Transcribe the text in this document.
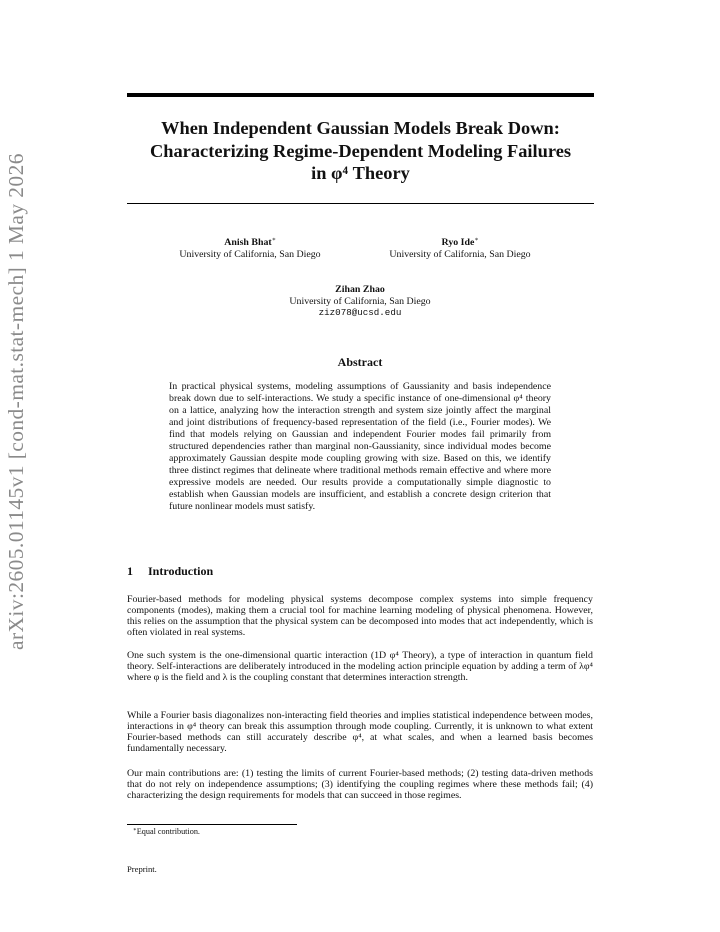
arXiv:2605.01145v1 [cond-mat.stat-mech] 1 May 2026
When Independent Gaussian Models Break Down:
Characterizing Regime-Dependent Modeling Failures
in φ⁴ Theory
Anish Bhat∗
University of California, San Diego
Ryo Ide∗
University of California, San Diego
Zihan Zhao
University of California, San Diego
ziz078@ucsd.edu
Abstract
In practical physical systems, modeling assumptions of Gaussianity and basis independence break down due to self-interactions. We study a specific instance of one-dimensional φ⁴ theory on a lattice, analyzing how the interaction strength and system size jointly affect the marginal and joint distributions of frequency-based representation of the field (i.e., Fourier modes). We find that models relying on Gaussian and independent Fourier modes fail primarily from structured dependencies rather than marginal non-Gaussianity, since individual modes become approximately Gaussian despite mode coupling growing with size. Based on this, we identify three distinct regimes that delineate where traditional methods remain effective and where more expressive models are needed. Our results provide a computationally simple diagnostic to establish when Gaussian models are insufficient, and establish a concrete design criterion that future nonlinear models must satisfy.
1 Introduction

Fourier-based methods for modeling physical systems decompose complex systems into simple frequency components (modes), making them a crucial tool for machine learning modeling of physical phenomena. However, this relies on the assumption that the physical system can be decomposed into modes that act independently, which is often violated in real systems.

One such system is the one-dimensional quartic interaction (1D φ⁴ Theory), a type of interaction in quantum field theory. Self-interactions are deliberately introduced in the modeling action principle equation by adding a term of λφ⁴ where φ is the field and λ is the coupling constant that determines interaction strength.

While a Fourier basis diagonalizes non-interacting field theories and implies statistical independence between modes, interactions in φ⁴ theory can break this assumption through mode coupling. Currently, it is unknown to what extent Fourier-based methods can still accurately describe φ⁴, at what scales, and when a learned basis becomes fundamentally necessary.

Our main contributions are: (1) testing the limits of current Fourier-based methods; (2) testing data-driven methods that do not rely on independence assumptions; (3) identifying the coupling regimes where these methods fail; (4) characterizing the design requirements for models that can succeed in those regimes.

∗Equal contribution.
Preprint.
